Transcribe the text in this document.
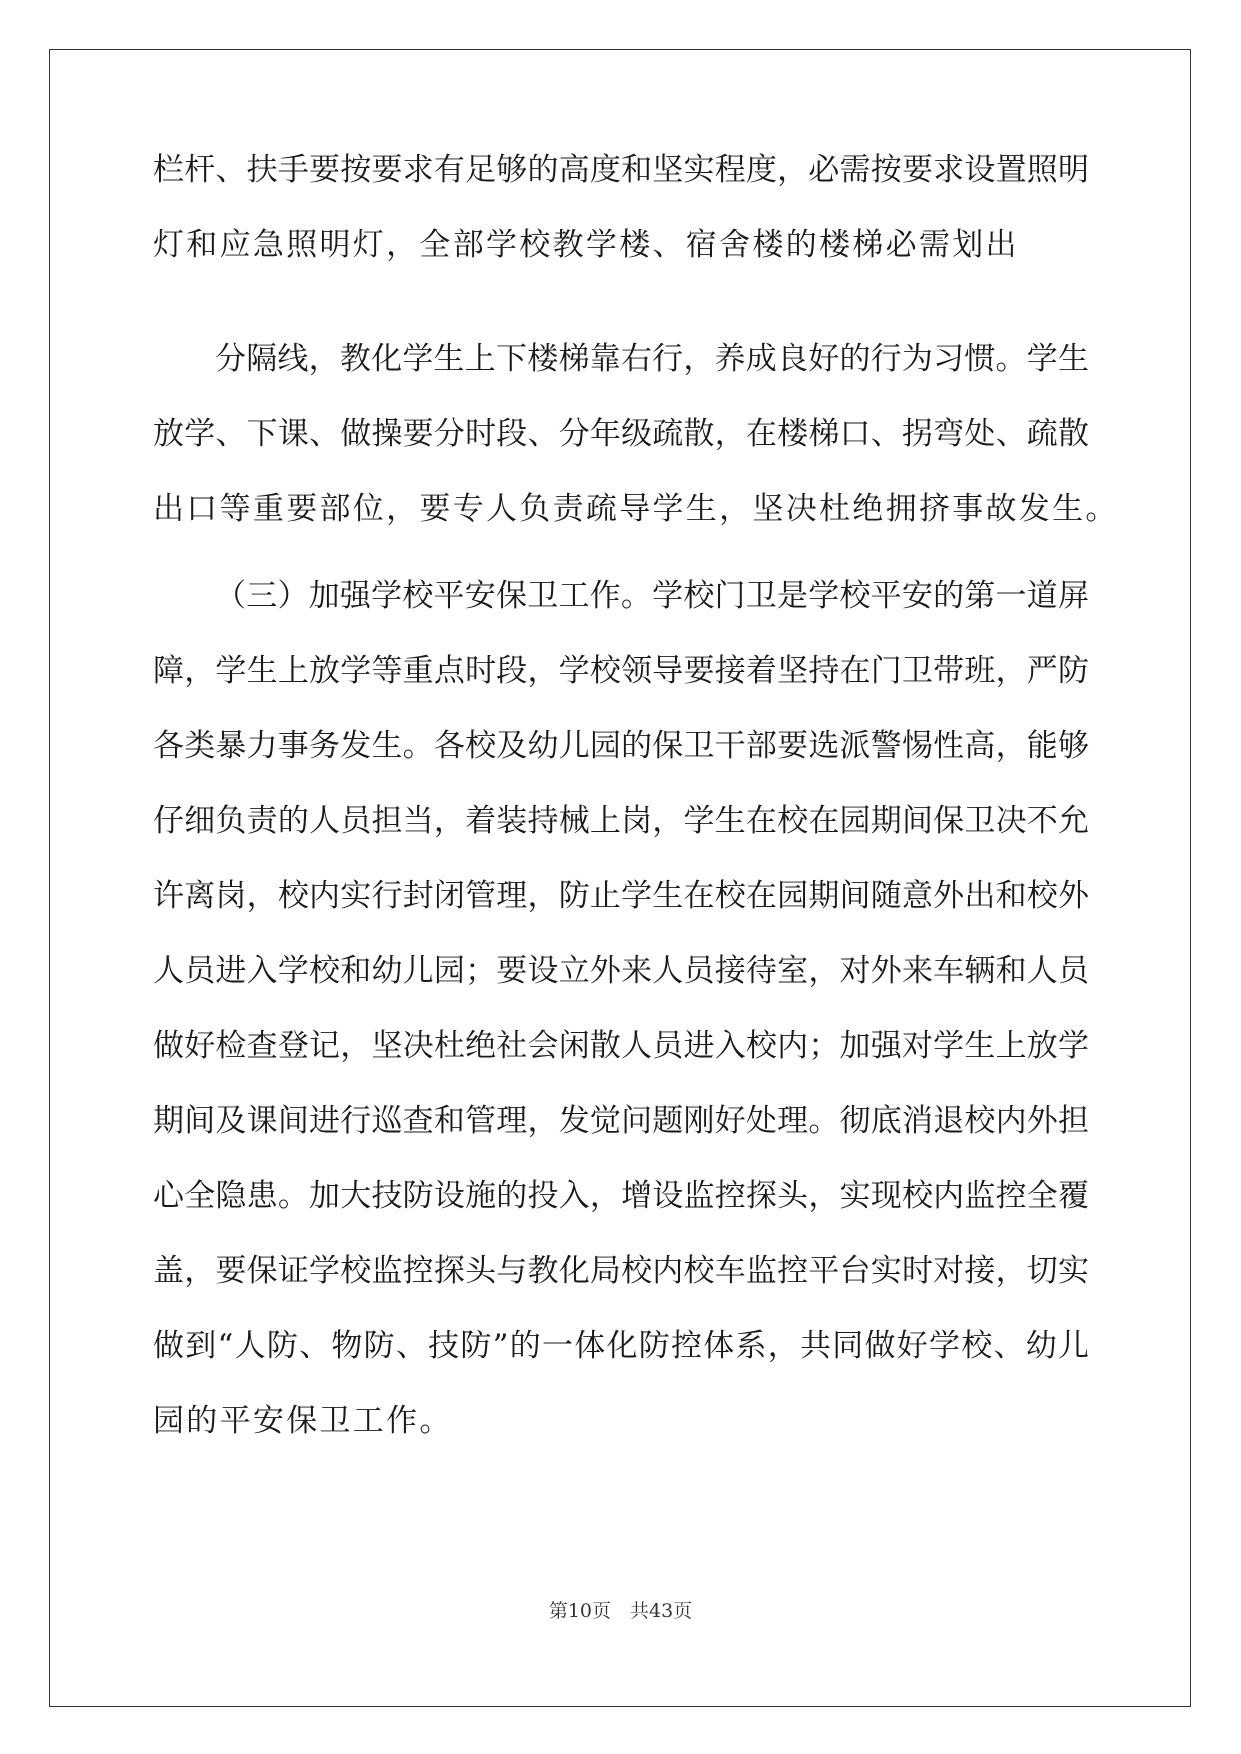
栏杆、扶手要按要求有足够的高度和坚实程度，必需按要求设置照明
灯和应急照明灯，全部学校教学楼、宿舍楼的楼梯必需划出
分隔线，教化学生上下楼梯靠右行，养成良好的行为习惯。学生
放学、下课、做操要分时段、分年级疏散，在楼梯口、拐弯处、疏散
出口等重要部位，要专人负责疏导学生，坚决杜绝拥挤事故发生。
（三）加强学校平安保卫工作。学校门卫是学校平安的第一道屏
障，学生上放学等重点时段，学校领导要接着坚持在门卫带班，严防
各类暴力事务发生。各校及幼儿园的保卫干部要选派警惕性高，能够
仔细负责的人员担当，着装持械上岗，学生在校在园期间保卫决不允
许离岗，校内实行封闭管理，防止学生在校在园期间随意外出和校外
人员进入学校和幼儿园；要设立外来人员接待室，对外来车辆和人员
做好检查登记，坚决杜绝社会闲散人员进入校内；加强对学生上放学
期间及课间进行巡查和管理，发觉问题刚好处理。彻底消退校内外担
心全隐患。加大技防设施的投入，增设监控探头，实现校内监控全覆
盖，要保证学校监控探头与教化局校内校车监控平台实时对接，切实
做到“人防、物防、技防”的一体化防控体系，共同做好学校、幼儿
园的平安保卫工作。
第10页　共43页
